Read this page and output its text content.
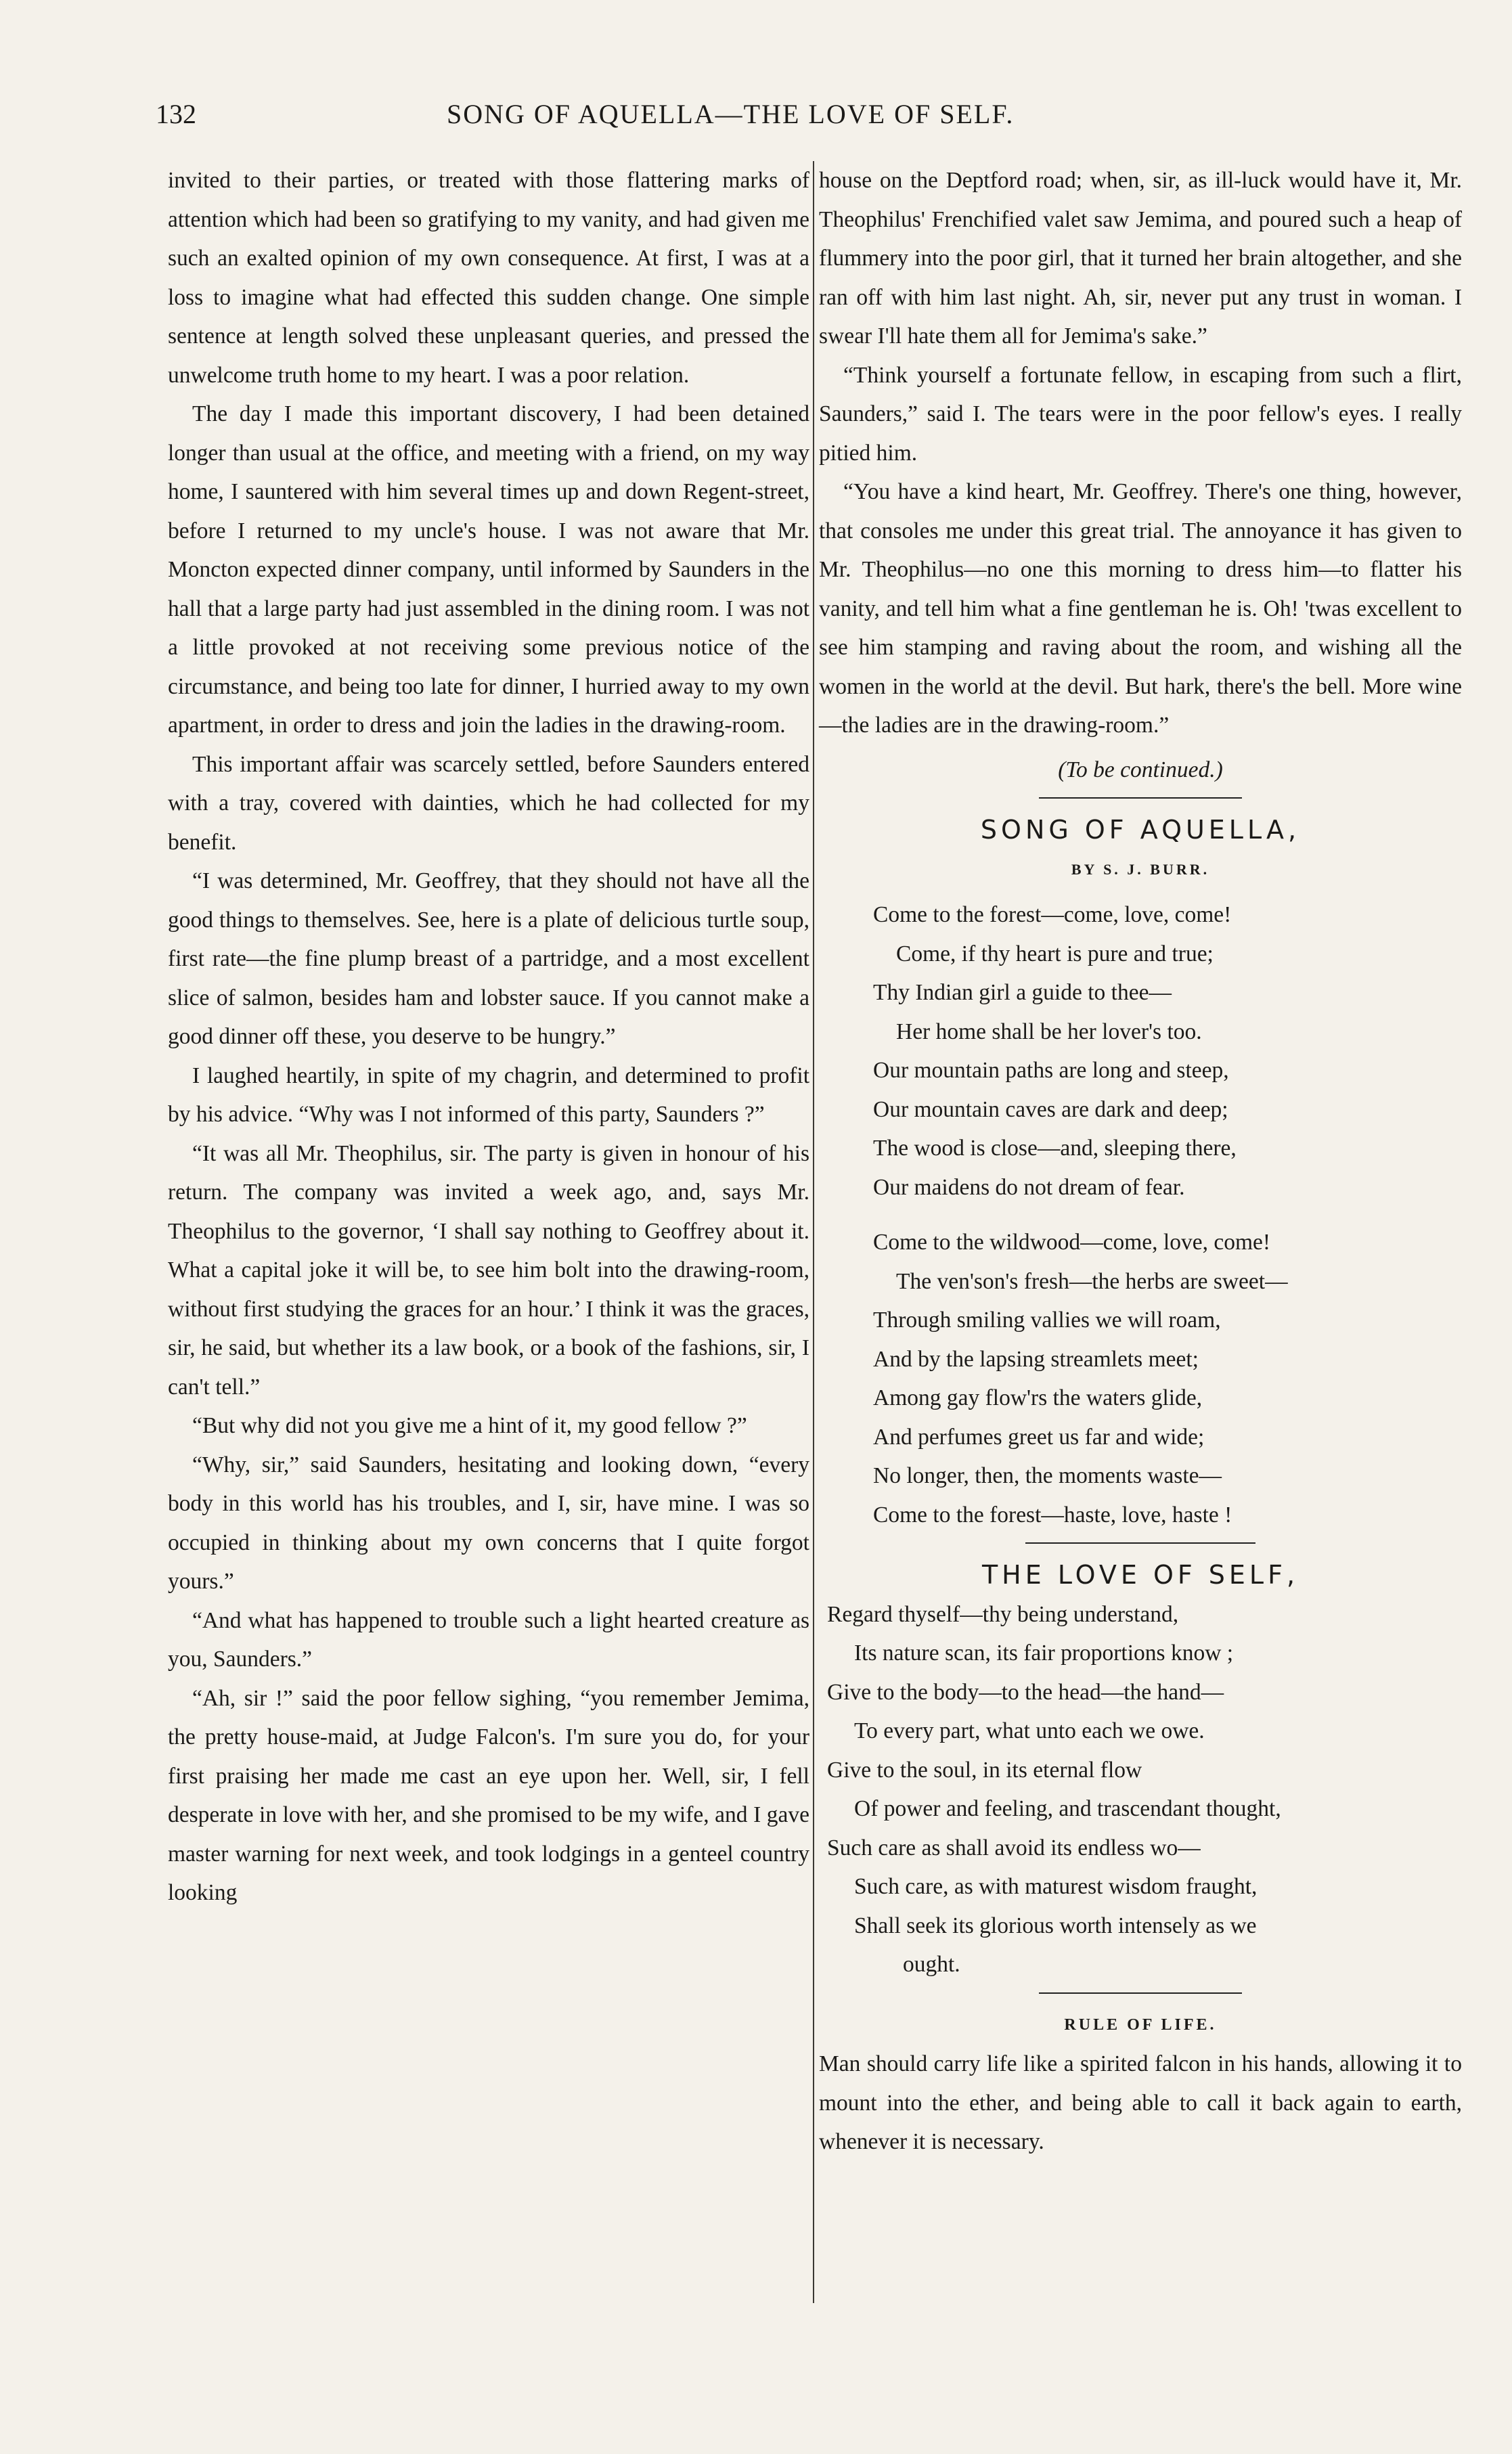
132	SONG OF AQUELLA—THE LOVE OF SELF.

invited to their parties, or treated with those flattering marks of attention which had been so gratifying to my vanity, and had given me such an exalted opinion of my own consequence. At first, I was at a loss to imagine what had effected this sudden change. One simple sentence at length solved these unpleasant queries, and pressed the unwelcome truth home to my heart. I was a poor relation.

The day I made this important discovery, I had been detained longer than usual at the office, and meeting with a friend, on my way home, I sauntered with him several times up and down Regent-street, before I returned to my uncle's house. I was not aware that Mr. Moncton expected dinner company, until informed by Saunders in the hall that a large party had just assembled in the dining room. I was not a little provoked at not receiving some previous notice of the circumstance, and being too late for dinner, I hurried away to my own apartment, in order to dress and join the ladies in the drawing-room.

This important affair was scarcely settled, before Saunders entered with a tray, covered with dainties, which he had collected for my benefit.

“I was determined, Mr. Geoffrey, that they should not have all the good things to themselves. See, here is a plate of delicious turtle soup, first rate—the fine plump breast of a partridge, and a most excellent slice of salmon, besides ham and lobster sauce. If you cannot make a good dinner off these, you deserve to be hungry.”

I laughed heartily, in spite of my chagrin, and determined to profit by his advice. “Why was I not informed of this party, Saunders ?”

“It was all Mr. Theophilus, sir. The party is given in honour of his return. The company was invited a week ago, and, says Mr. Theophilus to the governor, ‘I shall say nothing to Geoffrey about it. What a capital joke it will be, to see him bolt into the drawing-room, without first studying the graces for an hour.’ I think it was the graces, sir, he said, but whether its a law book, or a book of the fashions, sir, I can't tell.”

“But why did not you give me a hint of it, my good fellow ?”

“Why, sir,” said Saunders, hesitating and looking down, “every body in this world has his troubles, and I, sir, have mine. I was so occupied in thinking about my own concerns that I quite forgot yours.”

“And what has happened to trouble such a light hearted creature as you, Saunders.”

“Ah, sir !” said the poor fellow sighing, “you remember Jemima, the pretty house-maid, at Judge Falcon's. I'm sure you do, for your first praising her made me cast an eye upon her. Well, sir, I fell desperate in love with her, and she promised to be my wife, and I gave master warning for next week, and took lodgings in a genteel country looking

house on the Deptford road; when, sir, as ill-luck would have it, Mr. Theophilus' Frenchified valet saw Jemima, and poured such a heap of flummery into the poor girl, that it turned her brain altogether, and she ran off with him last night. Ah, sir, never put any trust in woman. I swear I'll hate them all for Jemima's sake.”

“Think yourself a fortunate fellow, in escaping from such a flirt, Saunders,” said I. The tears were in the poor fellow's eyes. I really pitied him.

“You have a kind heart, Mr. Geoffrey. There's one thing, however, that consoles me under this great trial. The annoyance it has given to Mr. Theophilus—no one this morning to dress him—to flatter his vanity, and tell him what a fine gentleman he is. Oh! 'twas excellent to see him stamping and raving about the room, and wishing all the women in the world at the devil. But hark, there's the bell. More wine—the ladies are in the drawing-room.”

(To be continued.)
SONG OF AQUELLA,
BY S. J. BURR.
Come to the forest—come, love, come!
Come, if thy heart is pure and true;
Thy Indian girl a guide to thee—
Her home shall be her lover's too.
Our mountain paths are long and steep,
Our mountain caves are dark and deep;
The wood is close—and, sleeping there,
Our maidens do not dream of fear.
Come to the wildwood—come, love, come!
The ven'son's fresh—the herbs are sweet—
Through smiling vallies we will roam,
And by the lapsing streamlets meet;
Among gay flow'rs the waters glide,
And perfumes greet us far and wide;
No longer, then, the moments waste—
Come to the forest—haste, love, haste !
THE LOVE OF SELF,
Regard thyself—thy being understand,
Its nature scan, its fair proportions know ;
Give to the body—to the head—the hand—
To every part, what unto each we owe.
Give to the soul, in its eternal flow
Of power and feeling, and trascendant thought,
Such care as shall avoid its endless wo—
Such care, as with maturest wisdom fraught,
Shall seek its glorious worth intensely as we
ought.
RULE OF LIFE.

Man should carry life like a spirited falcon in his hands, allowing it to mount into the ether, and being able to call it back again to earth, whenever it is necessary.
